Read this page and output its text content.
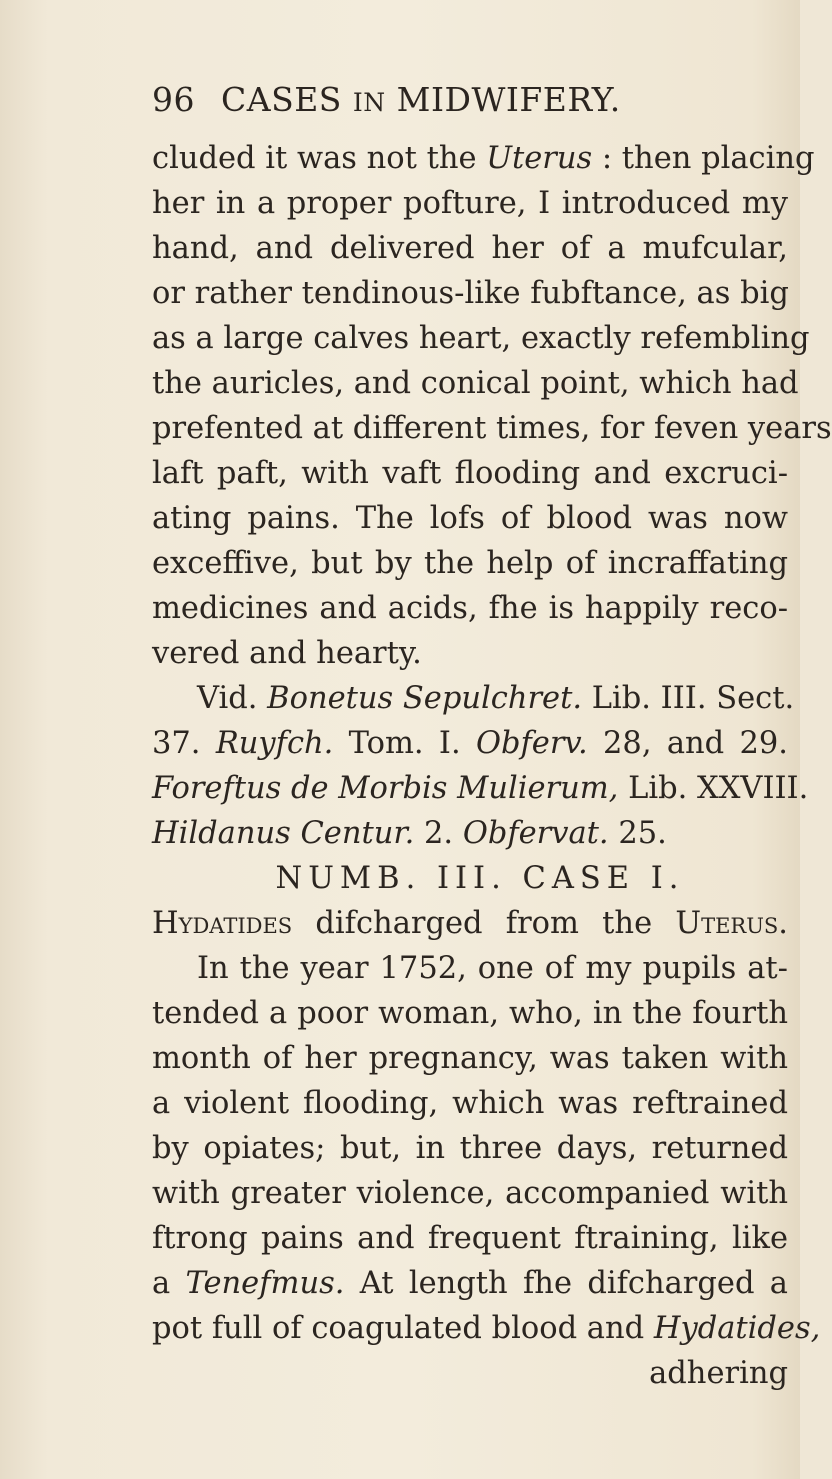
96 CASES IN MIDWIFERY.
cluded it was not the Uterus : then placing
her in a proper pofture, I introduced my
hand, and delivered her of a mufcular,
or rather tendinous-like fubftance, as big
as a large calves heart, exactly refembling
the auricles, and conical point, which had
prefented at different times, for feven years
laft paft, with vaft flooding and excruci-
ating pains. The lofs of blood was now
exceffive, but by the help of incraffating
medicines and acids, fhe is happily reco-
vered and hearty.
Vid. Bonetus Sepulchret. Lib. III. Sect.
37. Ruyfch. Tom. I. Obferv. 28, and 29.
Foreftus de Morbis Mulierum, Lib. XXVIII.
Hildanus Centur. 2. Obfervat. 25.
NUMB. III. CASE I.
Hydatides difcharged from the Uterus.
In the year 1752, one of my pupils at-
tended a poor woman, who, in the fourth
month of her pregnancy, was taken with
a violent flooding, which was reftrained
by opiates; but, in three days, returned
with greater violence, accompanied with
ftrong pains and frequent ftraining, like
a Tenefmus. At length fhe difcharged a
pot full of coagulated blood and Hydatides,
adhering
